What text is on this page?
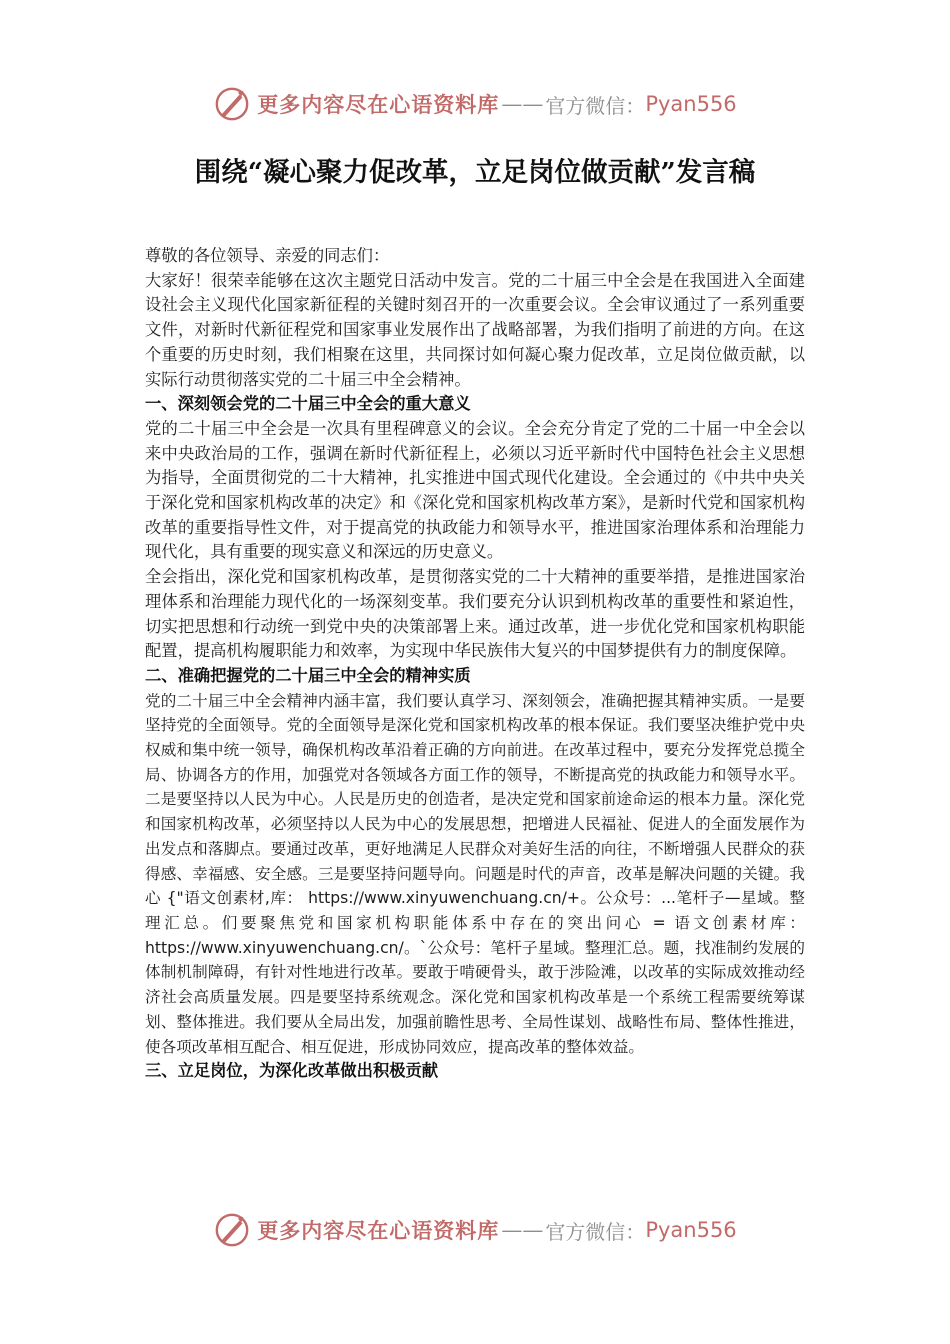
更多内容尽在心语资料库 —— 官方微信： Pyan556
围绕“凝心聚力促改革，立足岗位做贡献”发言稿

尊敬的各位领导、亲爱的同志们：

大家好！很荣幸能够在这次主题党日活动中发言。党的二十届三中全会是在我国进入全面建设社会主义现代化国家新征程的关键时刻召开的一次重要会议。全会审议通过了一系列重要文件，对新时代新征程党和国家事业发展作出了战略部署，为我们指明了前进的方向。在这个重要的历史时刻，我们相聚在这里，共同探讨如何凝心聚力促改革，立足岗位做贡献，以实际行动贯彻落实党的二十届三中全会精神。

一、深刻领会党的二十届三中全会的重大意义

党的二十届三中全会是一次具有里程碑意义的会议。全会充分肯定了党的二十届一中全会以来中央政治局的工作，强调在新时代新征程上，必须以习近平新时代中国特色社会主义思想为指导，全面贯彻党的二十大精神，扎实推进中国式现代化建设。全会通过的《中共中央关于深化党和国家机构改革的决定》和《深化党和国家机构改革方案》，是新时代党和国家机构改革的重要指导性文件，对于提高党的执政能力和领导水平，推进国家治理体系和治理能力现代化，具有重要的现实意义和深远的历史意义。

全会指出，深化党和国家机构改革，是贯彻落实党的二十大精神的重要举措，是推进国家治理体系和治理能力现代化的一场深刻变革。我们要充分认识到机构改革的重要性和紧迫性，切实把思想和行动统一到党中央的决策部署上来。通过改革，进一步优化党和国家机构职能配置，提高机构履职能力和效率，为实现中华民族伟大复兴的中国梦提供有力的制度保障。

二、准确把握党的二十届三中全会的精神实质

党的二十届三中全会精神内涵丰富，我们要认真学习、深刻领会，准确把握其精神实质。一是要坚持党的全面领导。党的全面领导是深化党和国家机构改革的根本保证。我们要坚决维护党中央权威和集中统一领导，确保机构改革沿着正确的方向前进。在改革过程中，要充分发挥党总揽全局、协调各方的作用，加强党对各领域各方面工作的领导，不断提高党的执政能力和领导水平。二是要坚持以人民为中心。人民是历史的创造者，是决定党和国家前途命运的根本力量。深化党和国家机构改革，必须坚持以人民为中心的发展思想，把增进人民福祉、促进人的全面发展作为出发点和落脚点。要通过改革，更好地满足人民群众对美好生活的向往，不断增强人民群众的获得感、幸福感、安全感。三是要坚持问题导向。问题是时代的声音，改革是解决问题的关键。我心 {"语文创素材,库： https://www.xinyuwenchuang.cn/+。公众号：...笔杆子—星域。整理汇总。们要聚焦党和国家机构职能体系中存在的突出问心 = 语文创素材库： https://www.xinyuwenchuang.cn/。`公众号：笔杆子星域。整理汇总。题，找准制约发展的体制机制障碍，有针对性地进行改革。要敢于啃硬骨头，敢于涉险滩，以改革的实际成效推动经济社会高质量发展。四是要坚持系统观念。深化党和国家机构改革是一个系统工程需要统筹谋划、整体推进。我们要从全局出发，加强前瞻性思考、全局性谋划、战略性布局、整体性推进，使各项改革相互配合、相互促进，形成协同效应，提高改革的整体效益。

三、立足岗位，为深化改革做出积极贡献
更多内容尽在心语资料库 —— 官方微信： Pyan556
